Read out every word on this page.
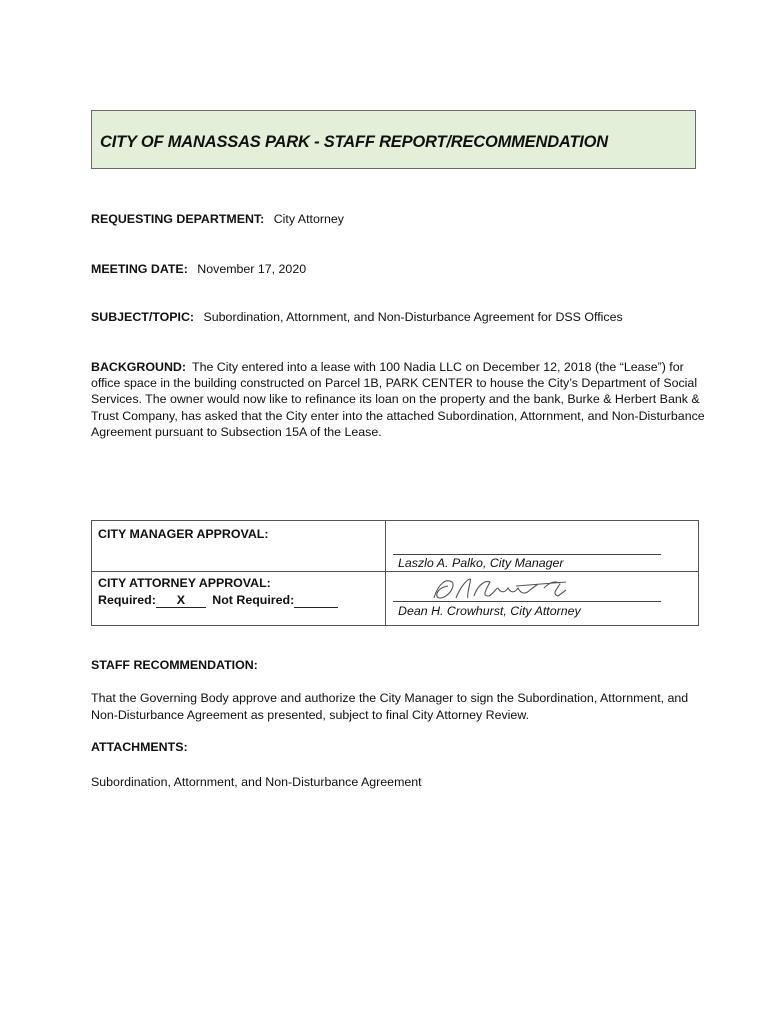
CITY OF MANASSAS PARK - STAFF REPORT/RECOMMENDATION
REQUESTING DEPARTMENT: City Attorney
MEETING DATE: November 17, 2020
SUBJECT/TOPIC: Subordination, Attornment, and Non-Disturbance Agreement for DSS Offices
BACKGROUND: The City entered into a lease with 100 Nadia LLC on December 12, 2018 (the “Lease”) for office space in the building constructed on Parcel 1B, PARK CENTER to house the City’s Department of Social Services. The owner would now like to refinance its loan on the property and the bank, Burke & Herbert Bank & Trust Company, has asked that the City enter into the attached Subordination, Attornment, and Non-Disturbance Agreement pursuant to Subsection 15A of the Lease.
CITY MANAGER APPROVAL:	Laszlo A. Palko, City Manager

CITY ATTORNEY APPROVAL:
Required: X Not Required:	Dean H. Crowhurst, City Attorney
STAFF RECOMMENDATION:
That the Governing Body approve and authorize the City Manager to sign the Subordination, Attornment, and Non-Disturbance Agreement as presented, subject to final City Attorney Review.
ATTACHMENTS:
Subordination, Attornment, and Non-Disturbance Agreement
